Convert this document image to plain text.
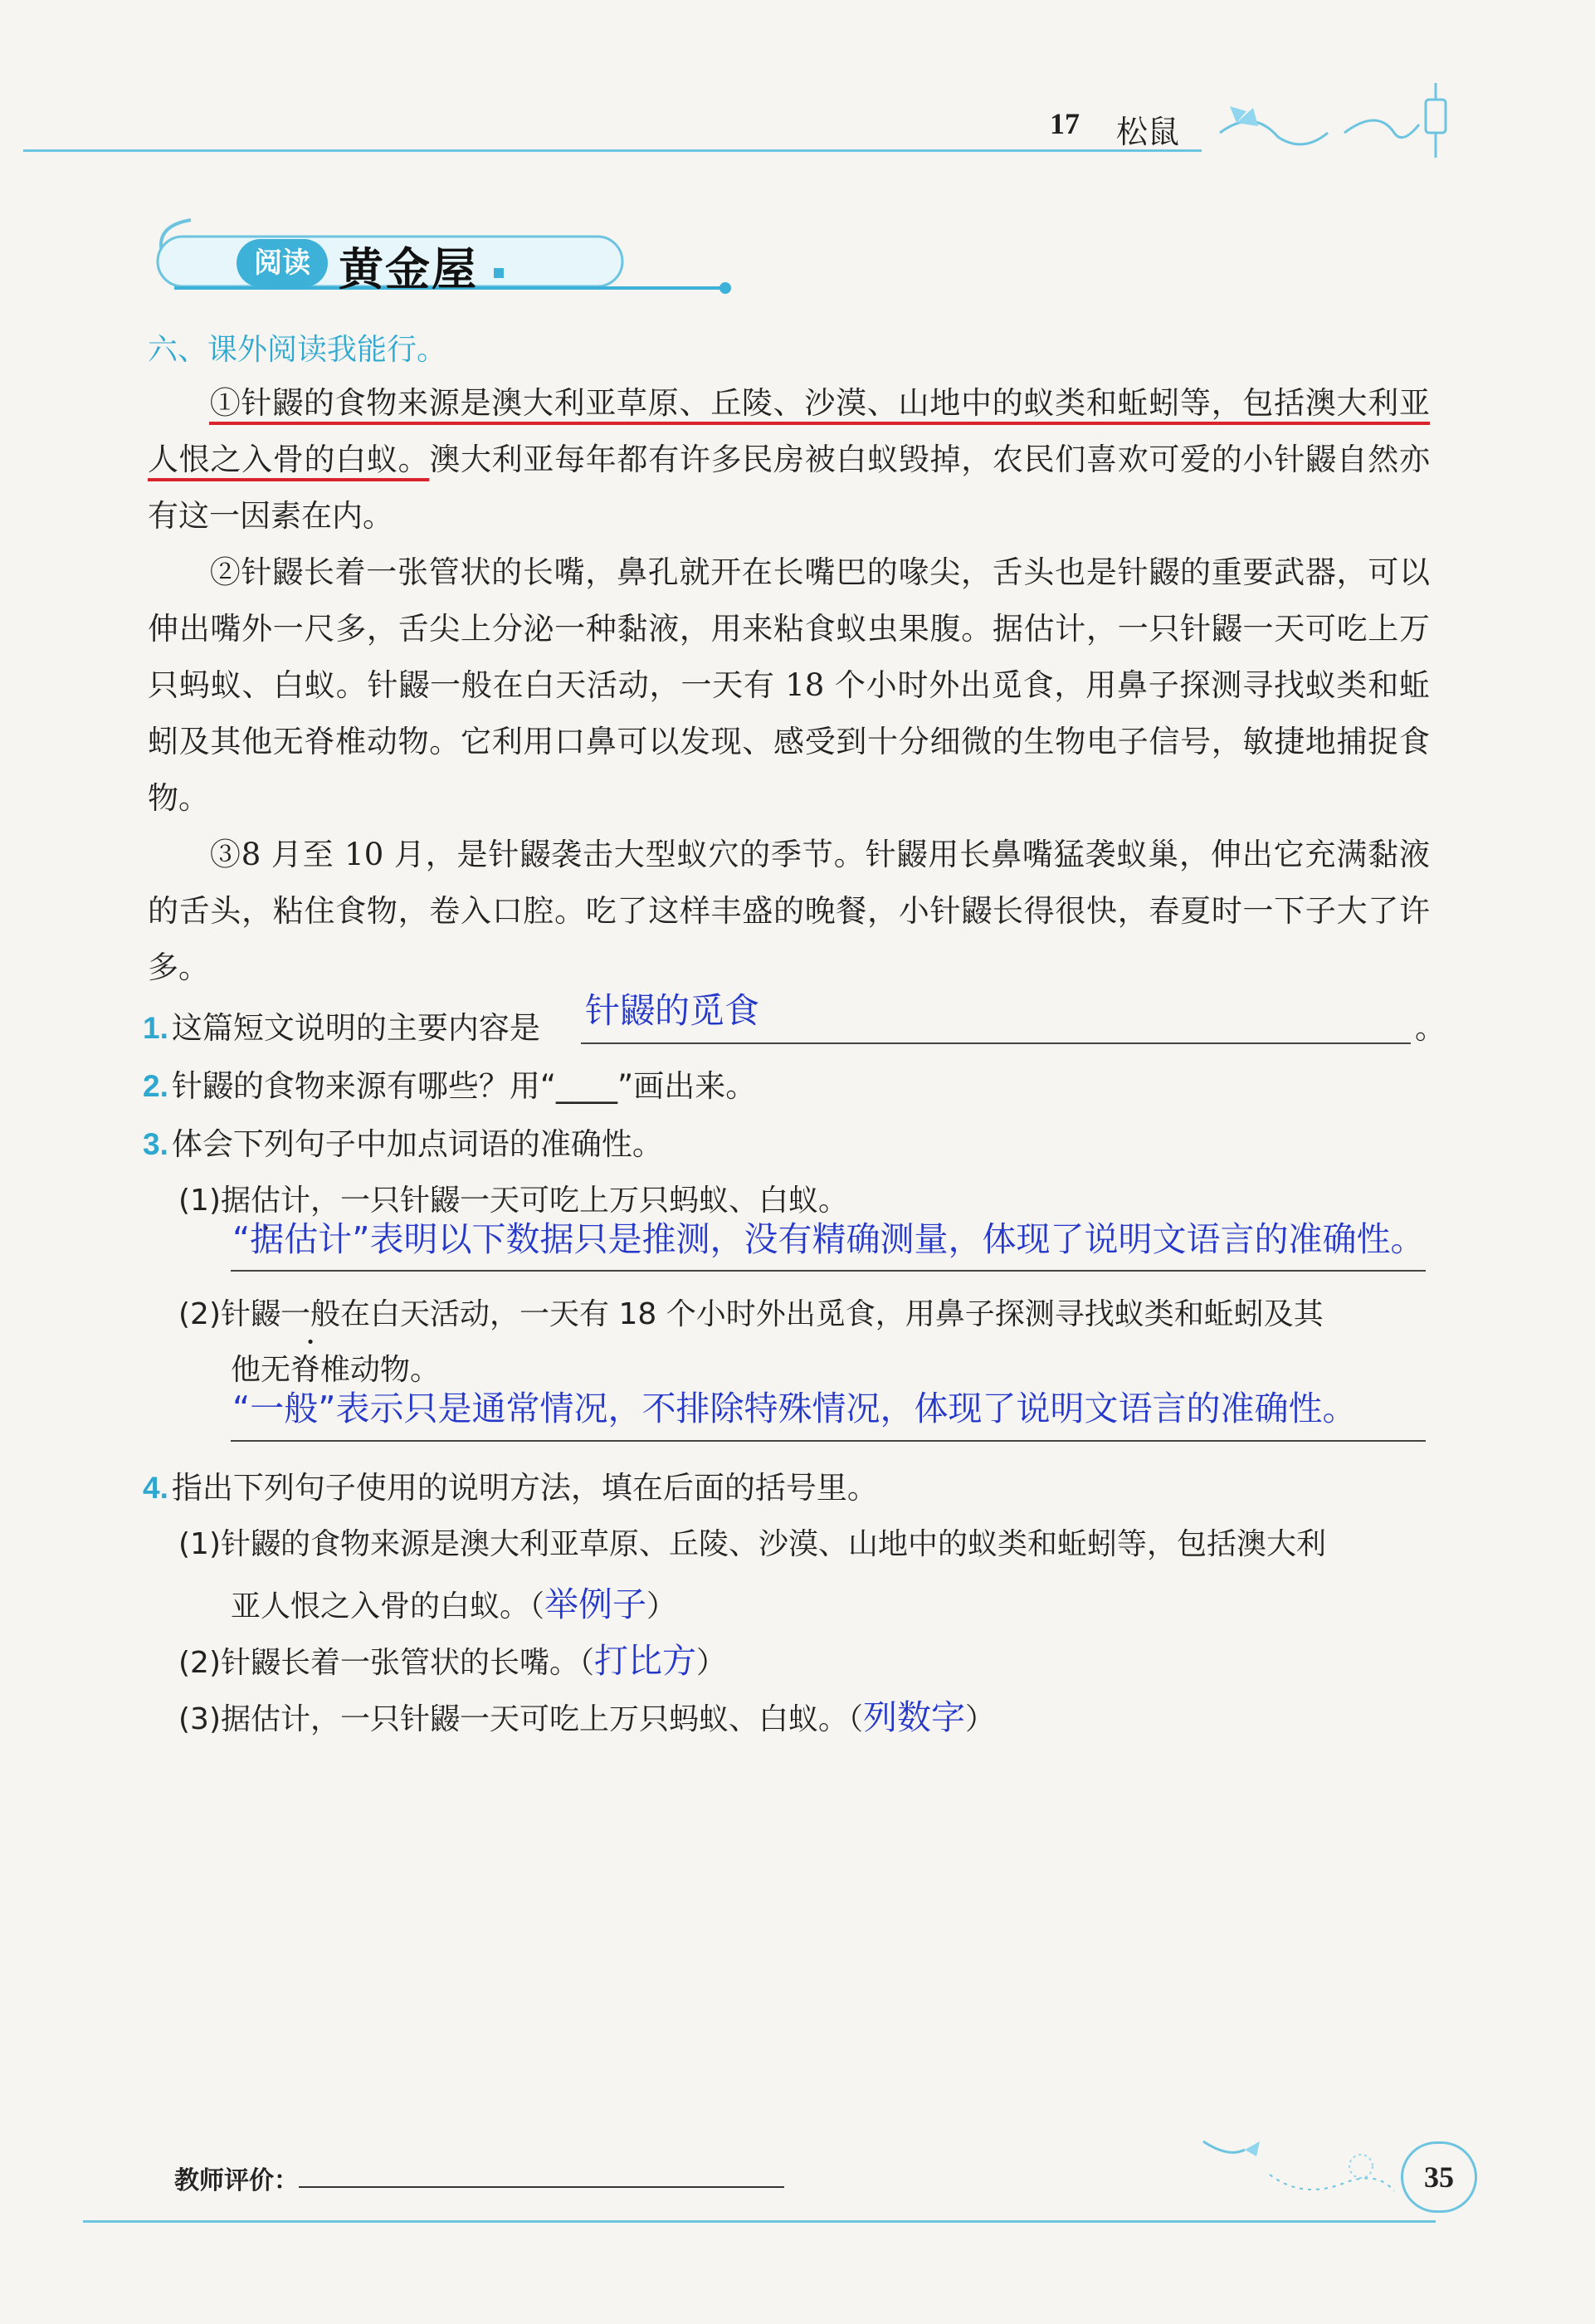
17 松鼠
阅读 黄金屋
六、课外阅读我能行。
①针鼹的食物来源是澳大利亚草原、丘陵、沙漠、山地中的蚁类和蚯蚓等，包括澳大利亚人恨之入骨的白蚁。澳大利亚每年都有许多民房被白蚁毁掉，农民们喜欢可爱的小针鼹自然亦有这一因素在内。
②针鼹长着一张管状的长嘴，鼻孔就开在长嘴巴的喙尖，舌头也是针鼹的重要武器，可以伸出嘴外一尺多，舌尖上分泌一种黏液，用来粘食蚁虫果腹。据估计，一只针鼹一天可吃上万只蚂蚁、白蚁。针鼹一般在白天活动，一天有 18 个小时外出觅食，用鼻子探测寻找蚁类和蚯蚓及其他无脊椎动物。它利用口鼻可以发现、感受到十分细微的生物电子信号，敏捷地捕捉食物。
③8 月至 10 月，是针鼹袭击大型蚁穴的季节。针鼹用长鼻嘴猛袭蚁巢，伸出它充满黏液的舌头，粘住食物，卷入口腔。吃了这样丰盛的晚餐，小针鼹长得很快，春夏时一下子大了许多。
1. 这篇短文说明的主要内容是 针鼹的觅食	。
2. 针鼹的食物来源有哪些？用“____”画出来。
3. 体会下列句子中加点词语的准确性。
(1)据估计，一只针鼹一天可吃上万只蚂蚁、白蚁。
“据估计”表明以下数据只是推测，没有精确测量，体现了说明文语言的准确性。
(2)针鼹一般在白天活动，一天有 18 个小时外出觅食，用鼻子探测寻找蚁类和蚯蚓及其
他无脊椎动物。
“一般”表示只是通常情况，不排除特殊情况，体现了说明文语言的准确性。
4. 指出下列句子使用的说明方法，填在后面的括号里。
(1)针鼹的食物来源是澳大利亚草原、丘陵、沙漠、山地中的蚁类和蚯蚓等，包括澳大利
亚人恨之入骨的白蚁。（举例子）
(2)针鼹长着一张管状的长嘴。（打比方）
(3)据估计，一只针鼹一天可吃上万只蚂蚁、白蚁。（列数字）
教师评价：	35
